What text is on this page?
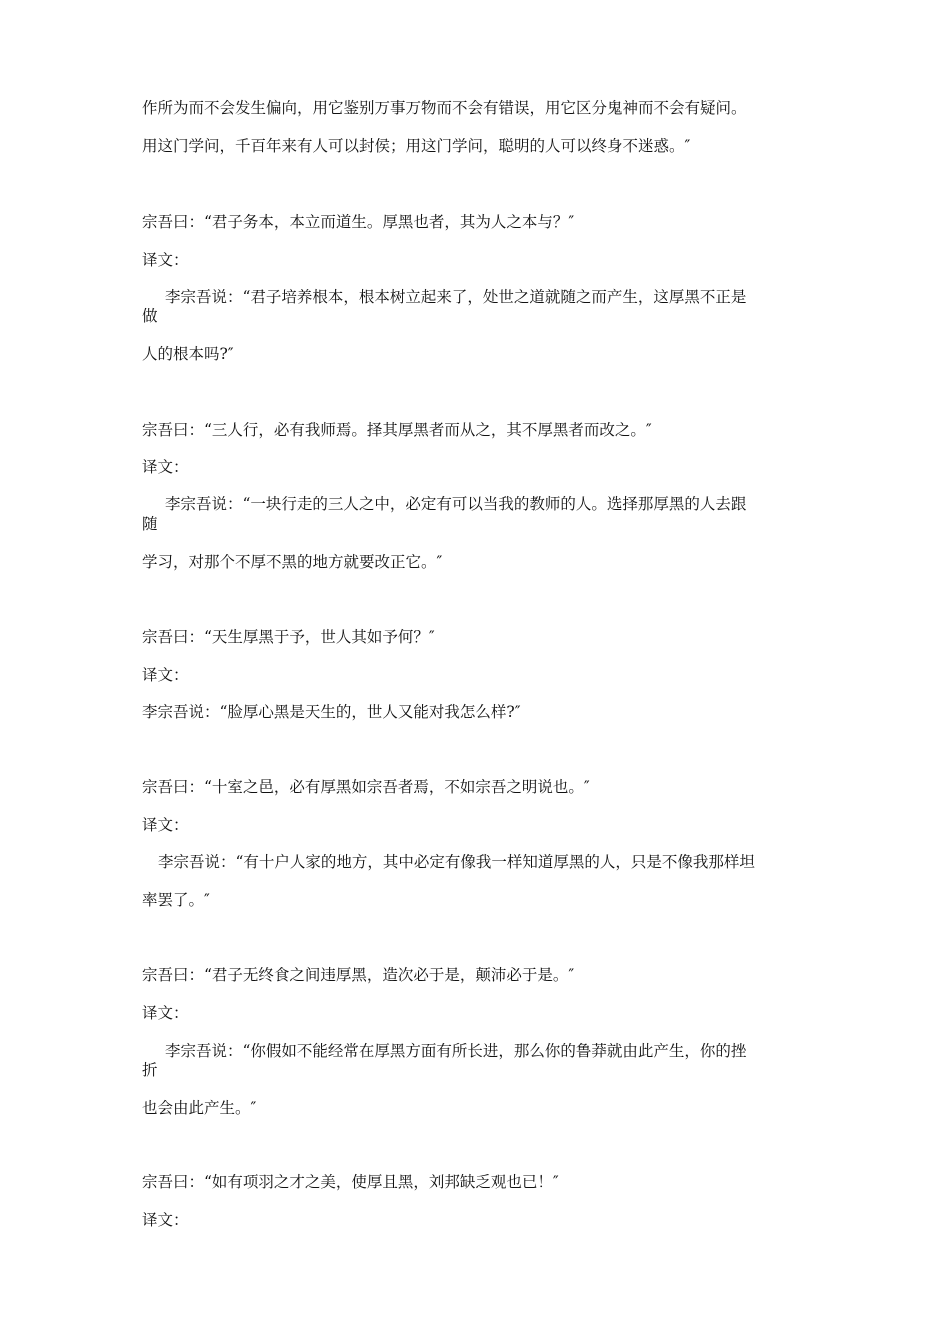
作所为而不会发生偏向，用它鉴别万事万物而不会有错误，用它区分鬼神而不会有疑问。
用这门学问，千百年来有人可以封侯；用这门学问，聪明的人可以终身不迷惑。″
宗吾曰：“君子务本，本立而道生。厚黑也者，其为人之本与？″
译文：
李宗吾说：“君子培养根本，根本树立起来了，处世之道就随之而产生，这厚黑不正是
做
人的根本吗?″
宗吾曰：“三人行，必有我师焉。择其厚黑者而从之，其不厚黑者而改之。″
译文：
李宗吾说：“一块行走的三人之中，必定有可以当我的教师的人。选择那厚黑的人去跟
随
学习，对那个不厚不黑的地方就要改正它。″
宗吾曰：“天生厚黑于予，世人其如予何？″
译文：
李宗吾说：“脸厚心黑是天生的，世人又能对我怎么样?″
宗吾曰：“十室之邑，必有厚黑如宗吾者焉，不如宗吾之明说也。″
译文：
李宗吾说：“有十户人家的地方，其中必定有像我一样知道厚黑的人，只是不像我那样坦
率罢了。″
宗吾曰：“君子无终食之间违厚黑，造次必于是，颠沛必于是。″
译文：
李宗吾说：“你假如不能经常在厚黑方面有所长进，那么你的鲁莽就由此产生，你的挫
折
也会由此产生。″
宗吾曰：“如有项羽之才之美，使厚且黑，刘邦缺乏观也已！″
译文：
